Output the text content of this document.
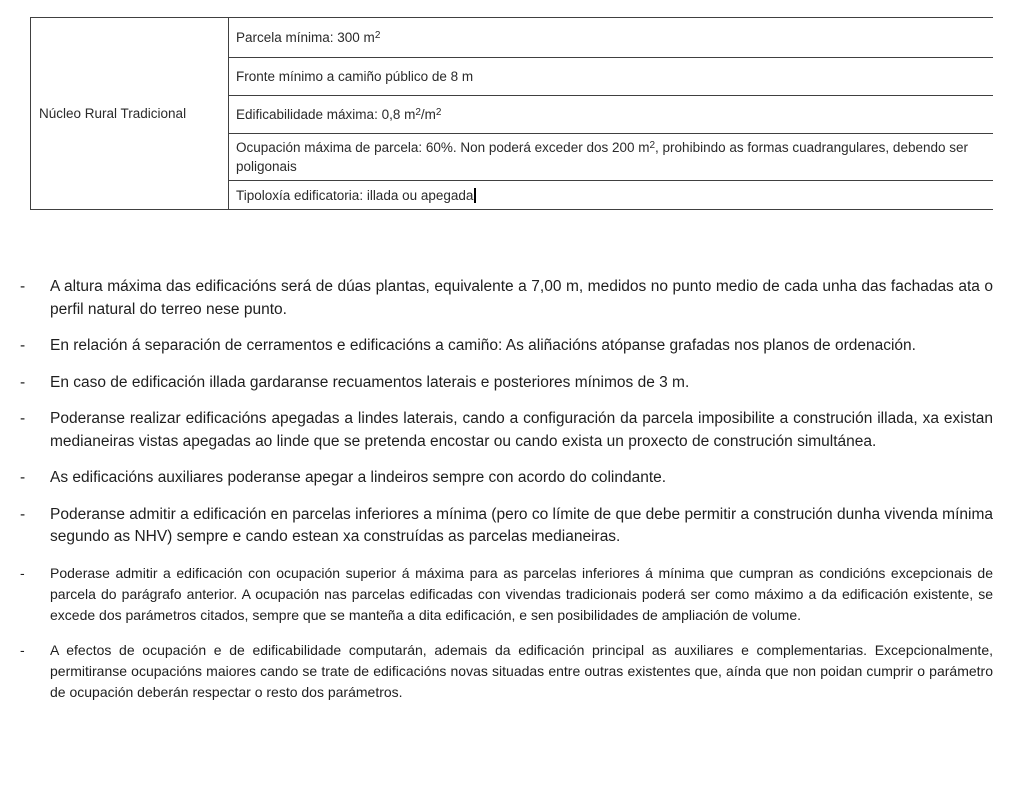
Núcleo Rural Tradicional
Parcela mínima: 300 $m^2$
Fronte mínimo a camiño público de 8 m
Edificabilidade máxima: 0,8 $m^2/m^2$
Ocupación máxima de parcela: 60%. Non poderá exceder dos 200 $m^2$, prohibindo as formas cuadrangulares, debendo ser poligonais
Tipoloxía edificatoria: illada ou apegada
-	A altura máxima das edificacións será de dúas plantas, equivalente a 7,00 m, medidos no punto medio de cada unha das fachadas ata o perfil natural do terreo nese punto.
-	En relación á separación de cerramentos e edificacións a camiño: As aliñacións atópanse grafadas nos planos de ordenación.
-	En caso de edificación illada gardaranse recuamentos laterais e posteriores mínimos de 3 m.
-	Poderanse realizar edificacións apegadas a lindes laterais, cando a configuración da parcela imposibilite a construción illada, xa existan medianeiras vistas apegadas ao linde que se pretenda encostar ou cando exista un proxecto de construción simultánea.
-	As edificacións auxiliares poderanse apegar a lindeiros sempre con acordo do colindante.
-	Poderanse admitir a edificación en parcelas inferiores a mínima (pero co límite de que debe permitir a construción dunha vivenda mínima segundo as NHV) sempre e cando estean xa construídas as parcelas medianeiras.
-	Poderase admitir a edificación con ocupación superior á máxima para as parcelas inferiores á mínima que cumpran as condicións excepcionais de parcela do parágrafo anterior. A ocupación nas parcelas edificadas con vivendas tradicionais poderá ser como máximo a da edificación existente, se excede dos parámetros citados, sempre que se manteña a dita edificación, e sen posibilidades de ampliación de volume.
-	A efectos de ocupación e de edificabilidade computarán, ademais da edificación principal as auxiliares e complementarias. Excepcionalmente, permitiranse ocupacións maiores cando se trate de edificacións novas situadas entre outras existentes que, aínda que non poidan cumprir o parámetro de ocupación deberán respectar o resto dos parámetros.
